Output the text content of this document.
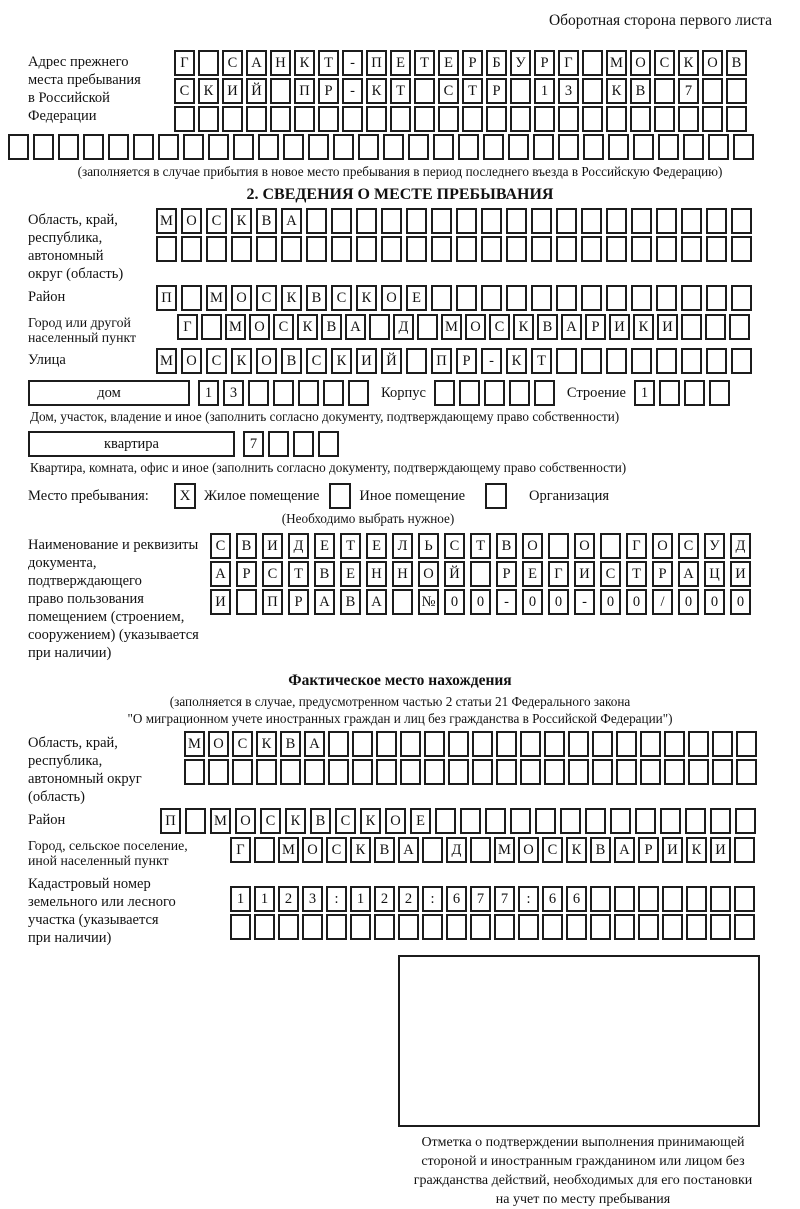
Оборотная сторона первого листа
Адрес прежнего
места пребывания
в Российской
Федерации
Г	С А Н К	Т	-	П Е	Т	Е	Р	Б	У	Р	Г	М О С К О В
С К И Й	П	Р	-	К	Т	С	Т	Р	1	3	К В	7
(заполняется в случае прибытия в новое место пребывания в период последнего въезда в Российскую Федерацию)
2. СВЕДЕНИЯ О МЕСТЕ ПРЕБЫВАНИЯ
Область, край,
республика,
автономный
округ (область)
М О	С	К	В	А
Район	П	М О	С	К	В	С	К	О	Е
Город или другой
населенный пункт
Г	М О С К В А	Д	М О С К В А	Р	И К И
Улица	М О	С	К	О	В	С	К	И	Й	П	Р	-	К	Т
дом	1	3	Корпус	Строение	1
Дом, участок, владение и иное (заполнить согласно документу, подтверждающему право собственности)
квартира	7
Квартира, комната, офис и иное (заполнить согласно документу, подтверждающему право собственности)
Место пребывания:	X Жилое помещение	Иное помещение	Организация
(Необходимо выбрать нужное)
Наименование и реквизиты
документа, подтверждающего
право пользования
помещением (строением,
сооружением) (указывается
при наличии)
С	В	И	Д	Е	Т	Е	Л	Ь	С	Т	В	О	О	Г	О	С	У	Д
А	Р	С	Т	В	Е	Н	Н	О	Й	Р	Е	Г	И	С	Т	Р	А	Ц	И
И	П	Р	А	В	А	№	0	0	-	0	0	-	0	0	/	0	0	0
Фактическое место нахождения
(заполняется в случае, предусмотренном частью 2 статьи 21 Федерального закона
"О миграционном учете иностранных граждан и лиц без гражданства в Российской Федерации")
Область, край,
республика,
автономный округ
(область)
М О С К В А
Район	П	М О	С	К	В	С	К	О	Е
Город, сельское поселение,
иной населенный пункт
Г	М О С К В А	Д	М О С К В А	Р	И К И
Кадастровый номер
земельного или лесного
участка (указывается
при наличии)
1	1	2	3	:	1	2	2	:	6	7	7	:	6	6
Отметка о подтверждении выполнения принимающей
стороной и иностранным гражданином или лицом без
гражданства действий, необходимых для его постановки
на учет по месту пребывания
